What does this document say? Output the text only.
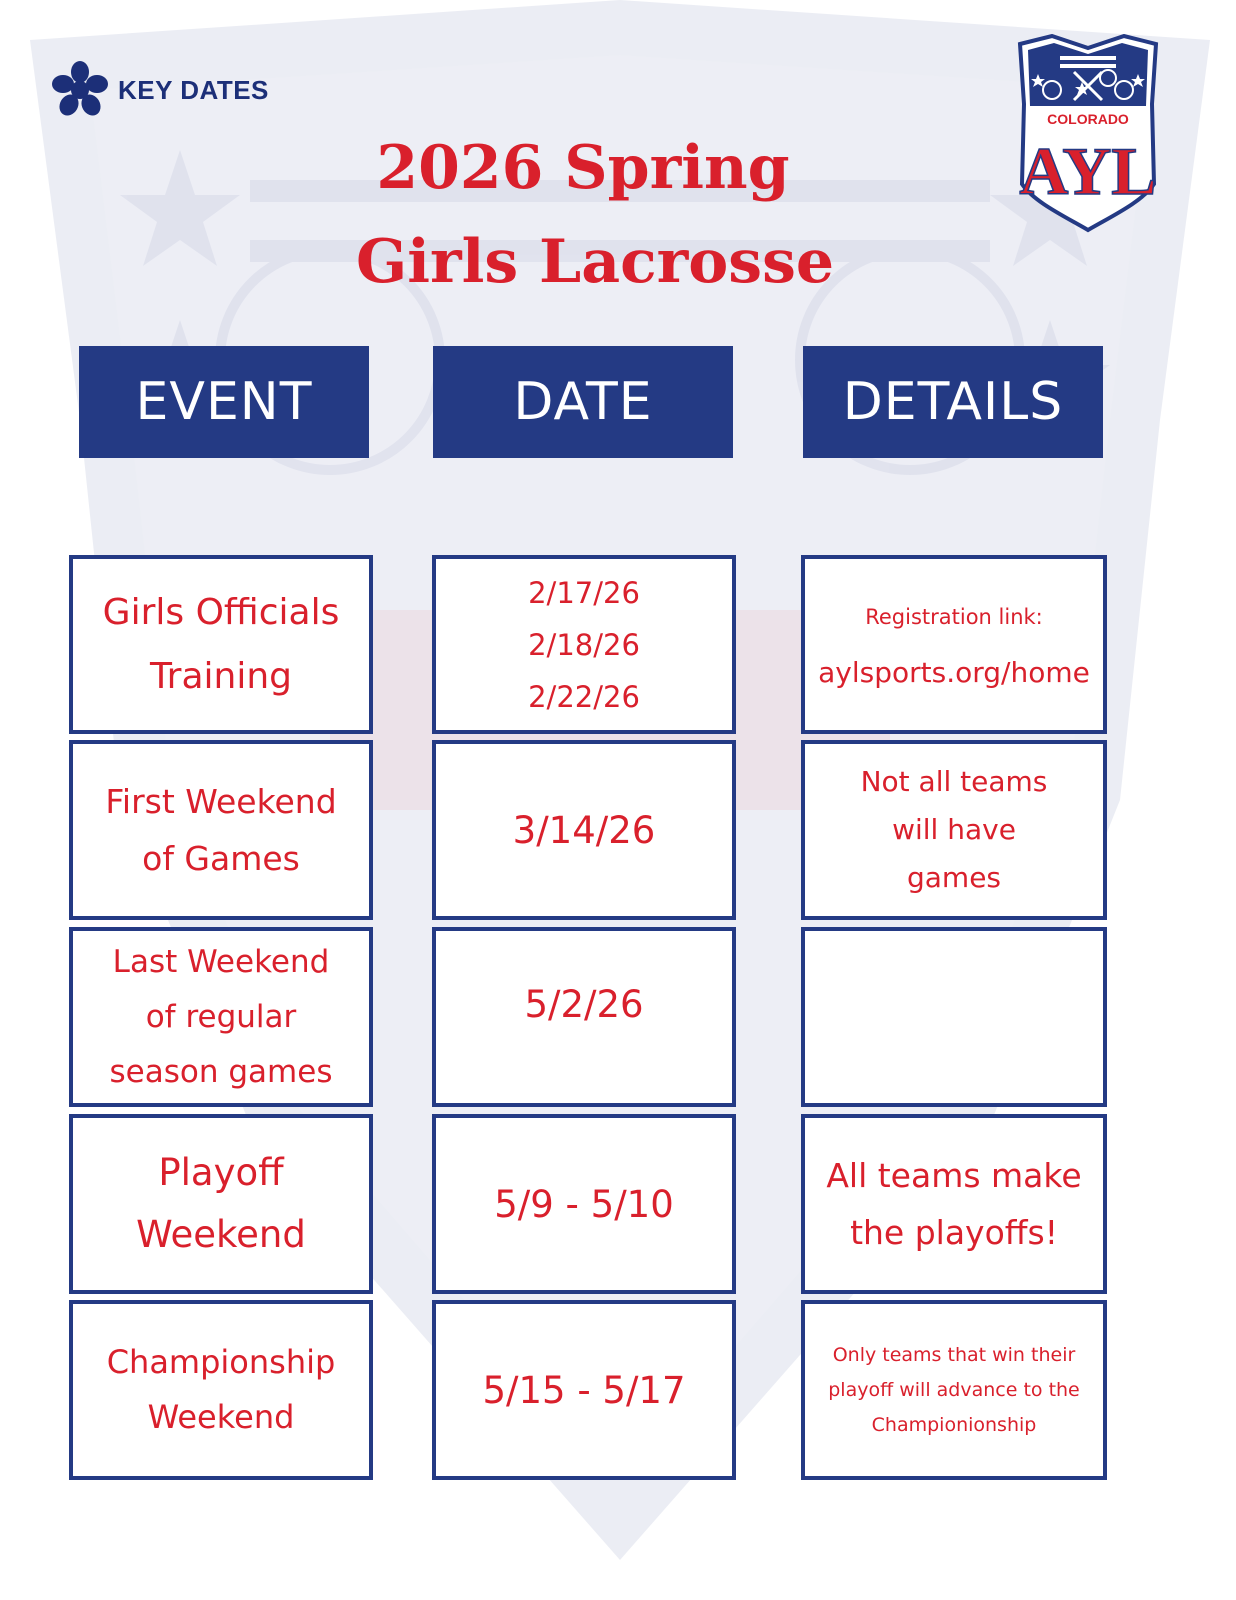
KEY DATES
2026 Spring
Girls Lacrosse
COLORADO
AYL
EVENT	DATE	DETAILS
Girls Officials
Training
2/17/26
2/18/26
2/22/26
Registration link:
aylsports.org/home
First Weekend
of Games
3/14/26
Not all teams
will have
games
Last Weekend
of regular
season games
5/2/26
Playoff
Weekend
5/9 - 5/10
All teams make
the playoffs!
Championship
Weekend
5/15 - 5/17
Only teams that win their
playoff will advance to the
Championionship
